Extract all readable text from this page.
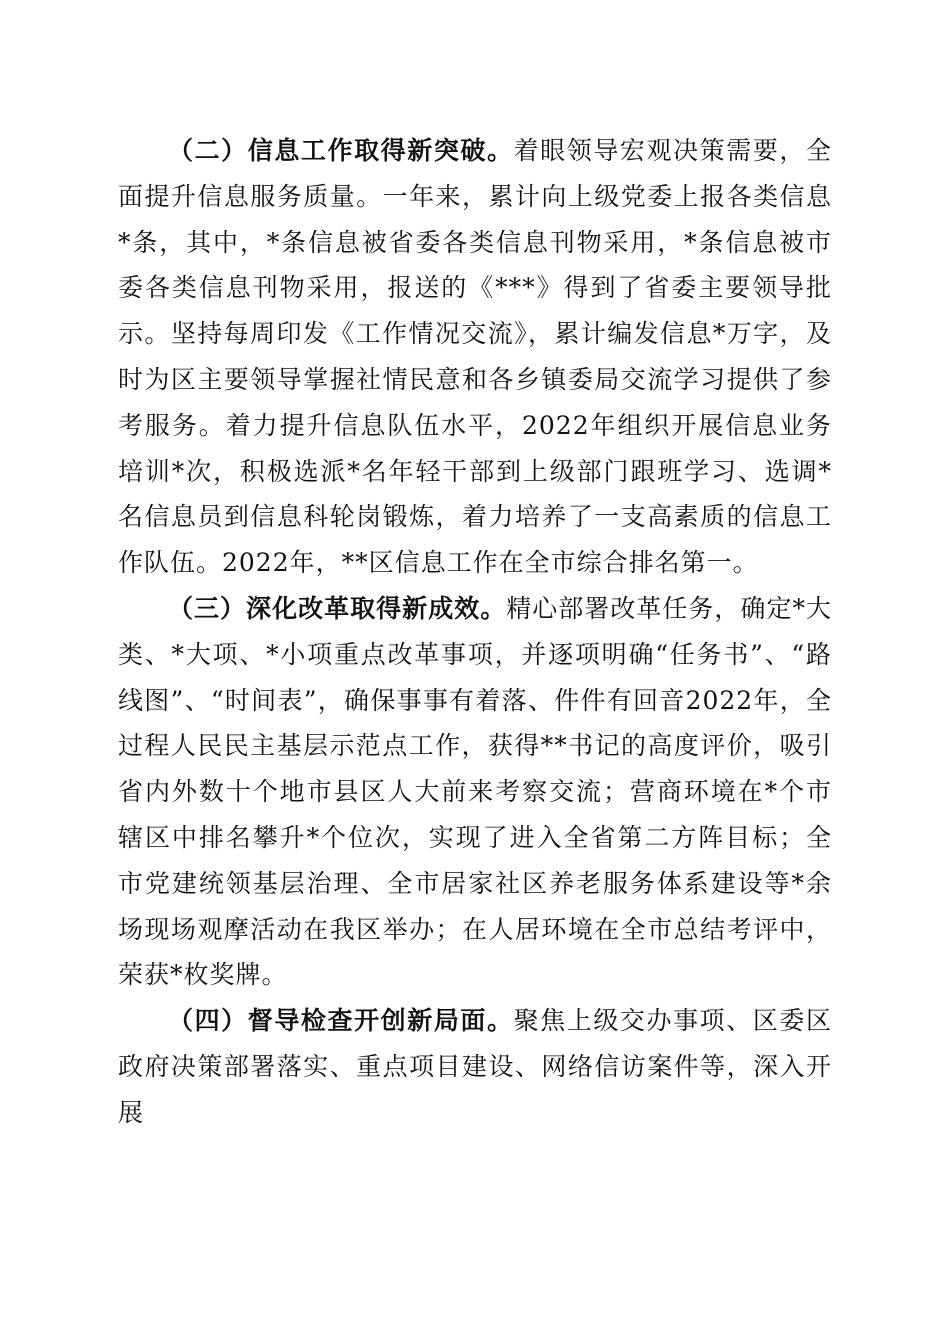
（二）信息工作取得新突破。着眼领导宏观决策需要，全面提升信息服务质量。一年来，累计向上级党委上报各类信息*条，其中，*条信息被省委各类信息刊物采用，*条信息被市委各类信息刊物采用，报送的《***》得到了省委主要领导批示。坚持每周印发《工作情况交流》，累计编发信息*万字，及时为区主要领导掌握社情民意和各乡镇委局交流学习提供了参考服务。着力提升信息队伍水平，2022年组织开展信息业务培训*次，积极选派*名年轻干部到上级部门跟班学习、选调*名信息员到信息科轮岗锻炼，着力培养了一支高素质的信息工作队伍。2022年，**区信息工作在全市综合排名第一。

（三）深化改革取得新成效。精心部署改革任务，确定*大类、*大项、*小项重点改革事项，并逐项明确“任务书”、“路线图”、“时间表”，确保事事有着落、件件有回音2022年，全过程人民民主基层示范点工作，获得**书记的高度评价，吸引省内外数十个地市县区人大前来考察交流；营商环境在*个市辖区中排名攀升*个位次，实现了进入全省第二方阵目标；全市党建统领基层治理、全市居家社区养老服务体系建设等*余场现场观摩活动在我区举办；在人居环境在全市总结考评中，荣获*枚奖牌。

（四）督导检查开创新局面。聚焦上级交办事项、区委区政府决策部署落实、重点项目建设、网络信访案件等，深入开展
